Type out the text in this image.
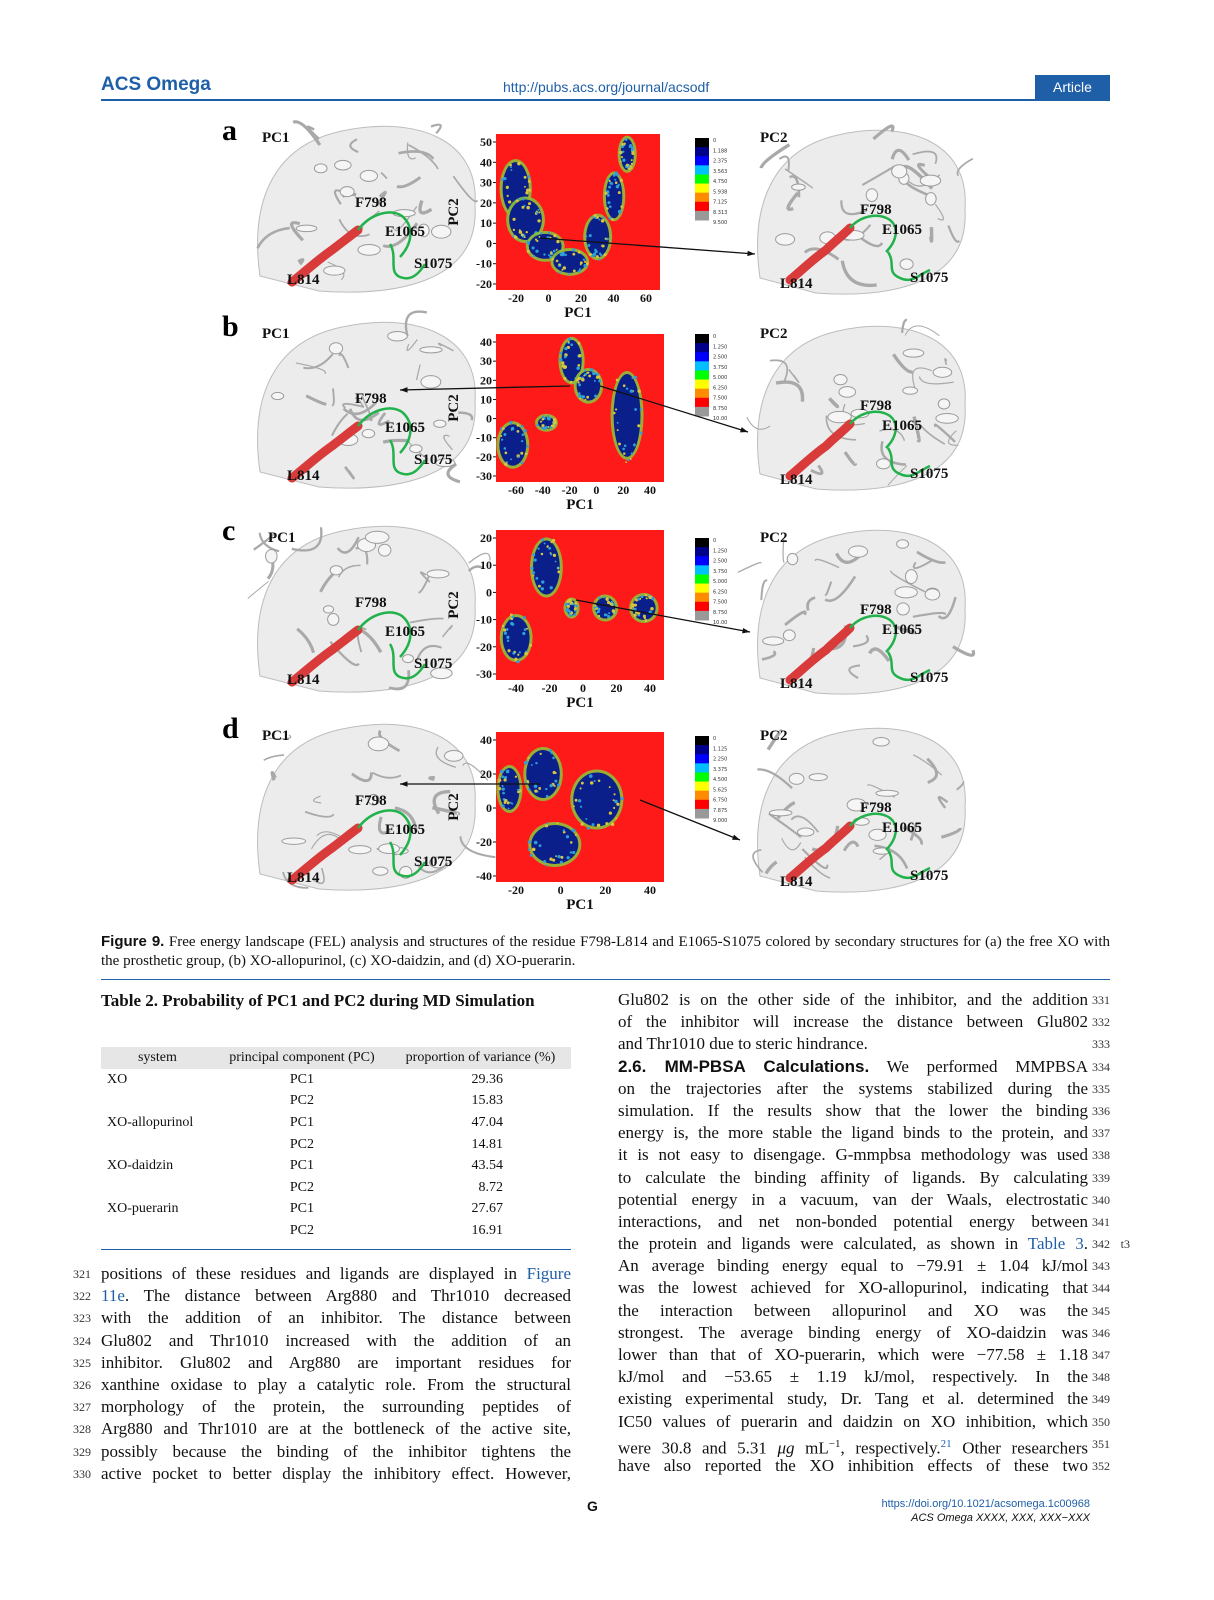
ACS Omega	http://pubs.acs.org/journal/acsodf	Article
a
F798
E1065
S1075
L814
F798
E1065
S1075
L814
PC1	PC2
50
40
30
20
10
0
-10
-20
-20 0 20 40 60
PC1
PC2
0
1.188
2.375
3.563
4.750
5.938
7.125
8.313
9.500
b
F798
E1065
S1075
L814
F798
E1065
S1075
L814
PC1	PC2
40
30
20
10
0
-10
-20
-30
-60 -40 -20 0 20 40
PC1
PC2
0
1.250
2.500
3.750
5.000
6.250
7.500
8.750
10.00
c
F798
E1065
S1075
L814
F798
E1065
S1075
L814
PC1	PC2
20
10
0
-10
-20
-30
-40 -20 0 20 40
PC1
PC2
0
1.250
2.500
3.750
5.000
6.250
7.500
8.750
10.00
d
F798
E1065
S1075
L814
F798
E1065
S1075
L814
PC1	PC2
40
20
0
-20
-40
-20	0	20	40
PC1
PC2
0
1.125
2.250
3.375
4.500
5.625
6.750
7.875
9.000
Figure 9. Free energy landscape (FEL) analysis and structures of the residue F798-L814 and E1065-S1075 colored by secondary structures for (a) the free XO with the prosthetic group, (b) XO-allopurinol, (c) XO-daidzin, and (d) XO-puerarin.
Table 2. Probability of PC1 and PC2 during MD Simulation
system	principal component (PC)	proportion of variance (%)
XO	PC1	29.36
	PC2	15.83
XO-allopurinol	PC1	47.04
	PC2	14.81
XO-daidzin	PC1	43.54
	PC2	8.72
XO-puerarin	PC1	27.67
	PC2	16.91
321 positions of these residues and ligands are displayed in Figure
322 11e. The distance between Arg880 and Thr1010 decreased
323 with the addition of an inhibitor. The distance between
324 Glu802 and Thr1010 increased with the addition of an
325 inhibitor. Glu802 and Arg880 are important residues for
326 xanthine oxidase to play a catalytic role. From the structural
327 morphology of the protein, the surrounding peptides of
328 Arg880 and Thr1010 are at the bottleneck of the active site,
329 possibly because the binding of the inhibitor tightens the
330 active pocket to better display the inhibitory effect. However,
331
Glu802 is on the other side of the inhibitor, and the addition
332
of the inhibitor will increase the distance between Glu802
333
and Thr1010 due to steric hindrance.
334
2.6. MM-PBSA Calculations. We performed MMPBSA
335
on the trajectories after the systems stabilized during the
336
simulation. If the results show that the lower the binding
337
energy is, the more stable the ligand binds to the protein, and
338
it is not easy to disengage. G-mmpbsa methodology was used
339
to calculate the binding affinity of ligands. By calculating
340
potential energy in a vacuum, van der Waals, electrostatic
341
interactions, and net non-bonded potential energy between
342 t3
the protein and ligands were calculated, as shown in Table 3.
343
An average binding energy equal to −79.91 ± 1.04 kJ/mol
344
was the lowest achieved for XO-allopurinol, indicating that
345
the interaction between allopurinol and XO was the
346
strongest. The average binding energy of XO-daidzin was
347
lower than that of XO-puerarin, which were −77.58 ± 1.18
348
kJ/mol and −53.65 ± 1.19 kJ/mol, respectively. In the
349
existing experimental study, Dr. Tang et al. determined the
350
IC50 values of puerarin and daidzin on XO inhibition, which
351
were 30.8 and 5.31 μg $mL^{-1}$, respectively.$^{21}$ Other researchers
352
have also reported the XO inhibition effects of these two
G	https://doi.org/10.1021/acsomega.1c00968
ACS Omega XXXX, XXX, XXX−XXX
